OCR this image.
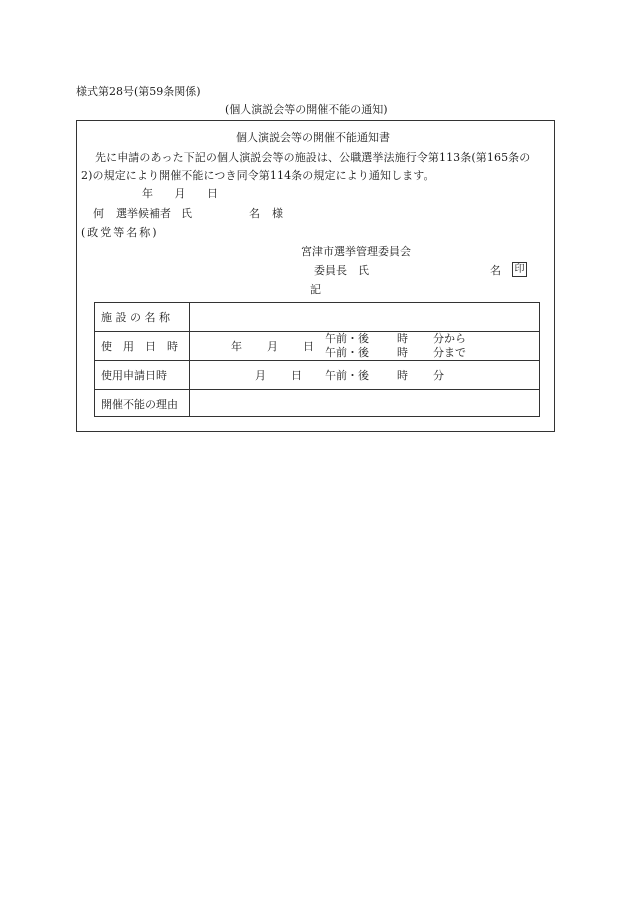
様式第28号(第59条関係)
(個人演説会等の開催不能の通知)
個人演説会等の開催不能通知書
先に申請のあった下記の個人演説会等の施設は、公職選挙法施行令第113条(第165条の
2)の規定により開催不能につき同令第114条の規定により通知します。
年 月 日
何 選挙候補者 氏	名 様
(政党等名称)
宮津市選挙管理委員会
委員長　氏	名 印
記
施 設 の 名 称
使　用　日　時	年 月 日
午前・後	時 分から
午前・後	時 分まで
使用申請日時	月 日 午前・後	時 分
開催不能の理由
